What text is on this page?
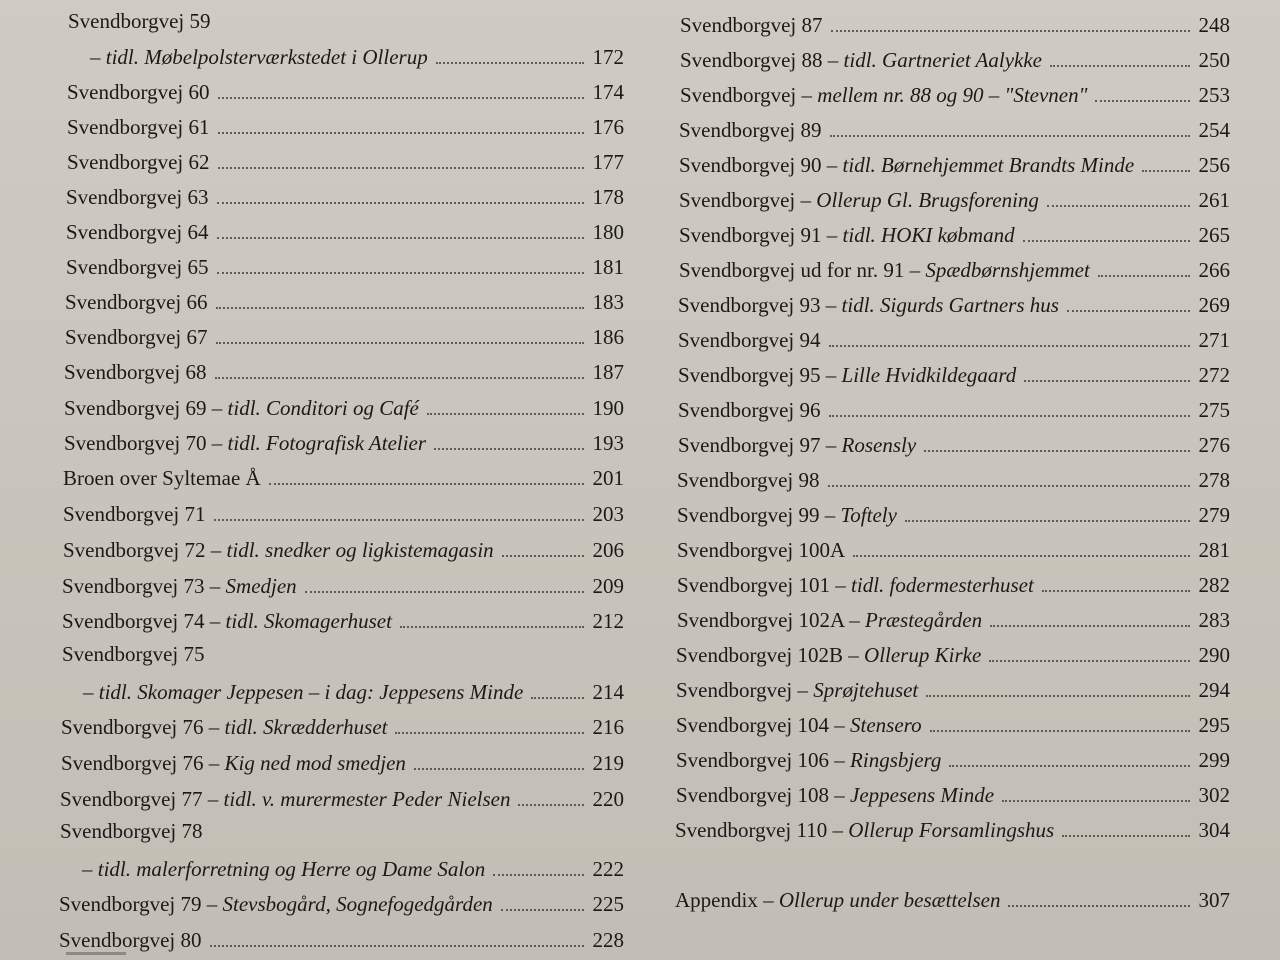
Svendborgvej 59
– tidl. Møbelpolsterværkstedet i Ollerup	172
Svendborgvej 60	174
Svendborgvej 61	176
Svendborgvej 62	177
Svendborgvej 63	178
Svendborgvej 64	180
Svendborgvej 65	181
Svendborgvej 66	183
Svendborgvej 67	186
Svendborgvej 68	187
Svendborgvej 69 – tidl. Conditori og Café	190
Svendborgvej 70 – tidl. Fotografisk Atelier	193
Broen over Syltemae Å	201
Svendborgvej 71	203
Svendborgvej 72 – tidl. snedker og ligkistemagasin	206
Svendborgvej 73 – Smedjen	209
Svendborgvej 74 – tidl. Skomagerhuset	212
Svendborgvej 75
– tidl. Skomager Jeppesen – i dag: Jeppesens Minde	214
Svendborgvej 76 – tidl. Skrædderhuset	216
Svendborgvej 76 – Kig ned mod smedjen	219
Svendborgvej 77 – tidl. v. murermester Peder Nielsen	220
Svendborgvej 78
– tidl. malerforretning og Herre og Dame Salon	222
Svendborgvej 79 – Stevsbogård, Sognefogedgården	225
Svendborgvej 80	228
Svendborgvej 87	248
Svendborgvej 88 – tidl. Gartneriet Aalykke	250
Svendborgvej – mellem nr. 88 og 90 – "Stevnen"	253
Svendborgvej 89	254
Svendborgvej 90 – tidl. Børnehjemmet Brandts Minde	256
Svendborgvej – Ollerup Gl. Brugsforening	261
Svendborgvej 91 – tidl. HOKI købmand	265
Svendborgvej ud for nr. 91 – Spædbørnshjemmet	266
Svendborgvej 93 – tidl. Sigurds Gartners hus	269
Svendborgvej 94	271
Svendborgvej 95 – Lille Hvidkildegaard	272
Svendborgvej 96	275
Svendborgvej 97 – Rosensly	276
Svendborgvej 98	278
Svendborgvej 99 – Toftely	279
Svendborgvej 100A	281
Svendborgvej 101 – tidl. fodermesterhuset	282
Svendborgvej 102A – Præstegården	283
Svendborgvej 102B – Ollerup Kirke	290
Svendborgvej – Sprøjtehuset	294
Svendborgvej 104 – Stensero	295
Svendborgvej 106 – Ringsbjerg	299
Svendborgvej 108 – Jeppesens Minde	302
Svendborgvej 110 – Ollerup Forsamlingshus	304
Appendix – Ollerup under besættelsen	307
